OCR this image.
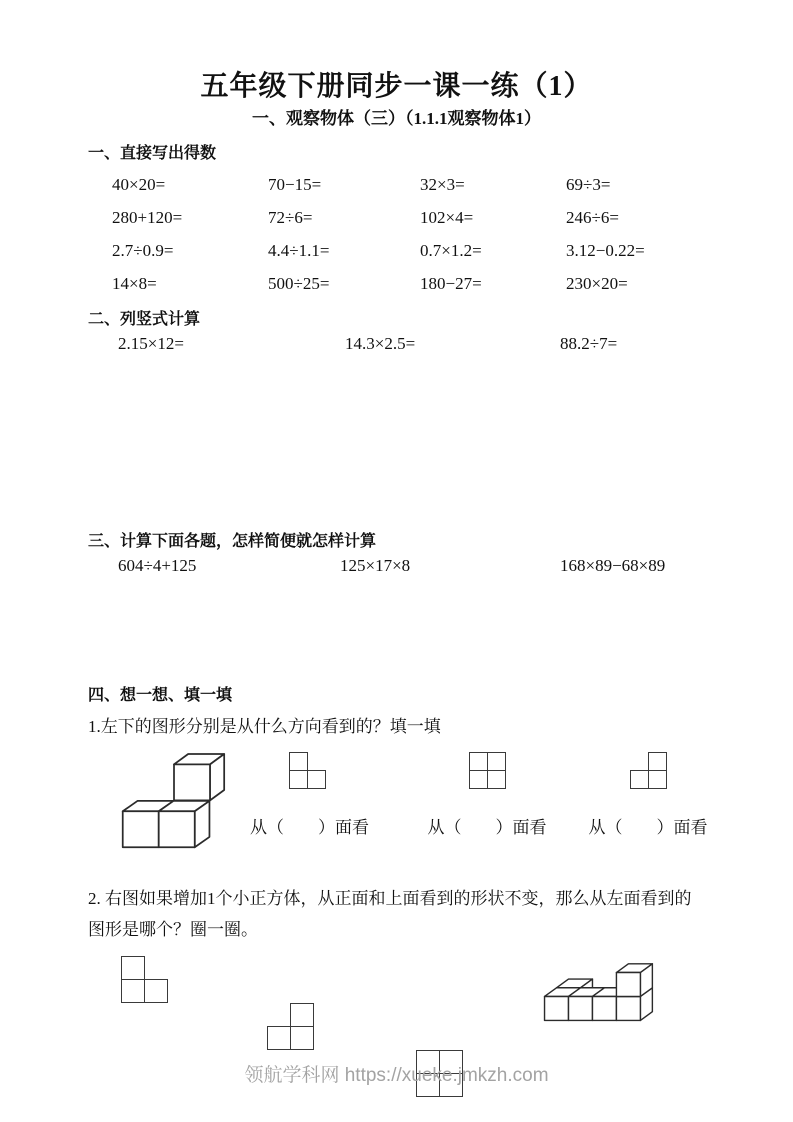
五年级下册同步一课一练（1）
一、观察物体（三）（1.1.1观察物体1）
一、直接写出得数
40×20=	70−15=	32×3=	69÷3=
280+120=	72÷6=	102×4=	246÷6=
2.7÷0.9=	4.4÷1.1=	0.7×1.2=	3.12−0.22=
14×8=	500÷25=	180−27=	230×20=
二、列竖式计算
2.15×12=	14.3×2.5=	88.2÷7=
三、计算下面各题，怎样简便就怎样计算
604÷4+125	125×17×8	168×89−68×89
四、想一想、填一填
1.左下的图形分别是从什么方向看到的？填一填
从（　　）面看	从（　　）面看 从（　　）面看
2. 右图如果增加1个小正方体，从正面和上面看到的形状不变，那么从左面看到的
图形是哪个？圈一圈。
领航学科网 https://xueke.jmkzh.com
